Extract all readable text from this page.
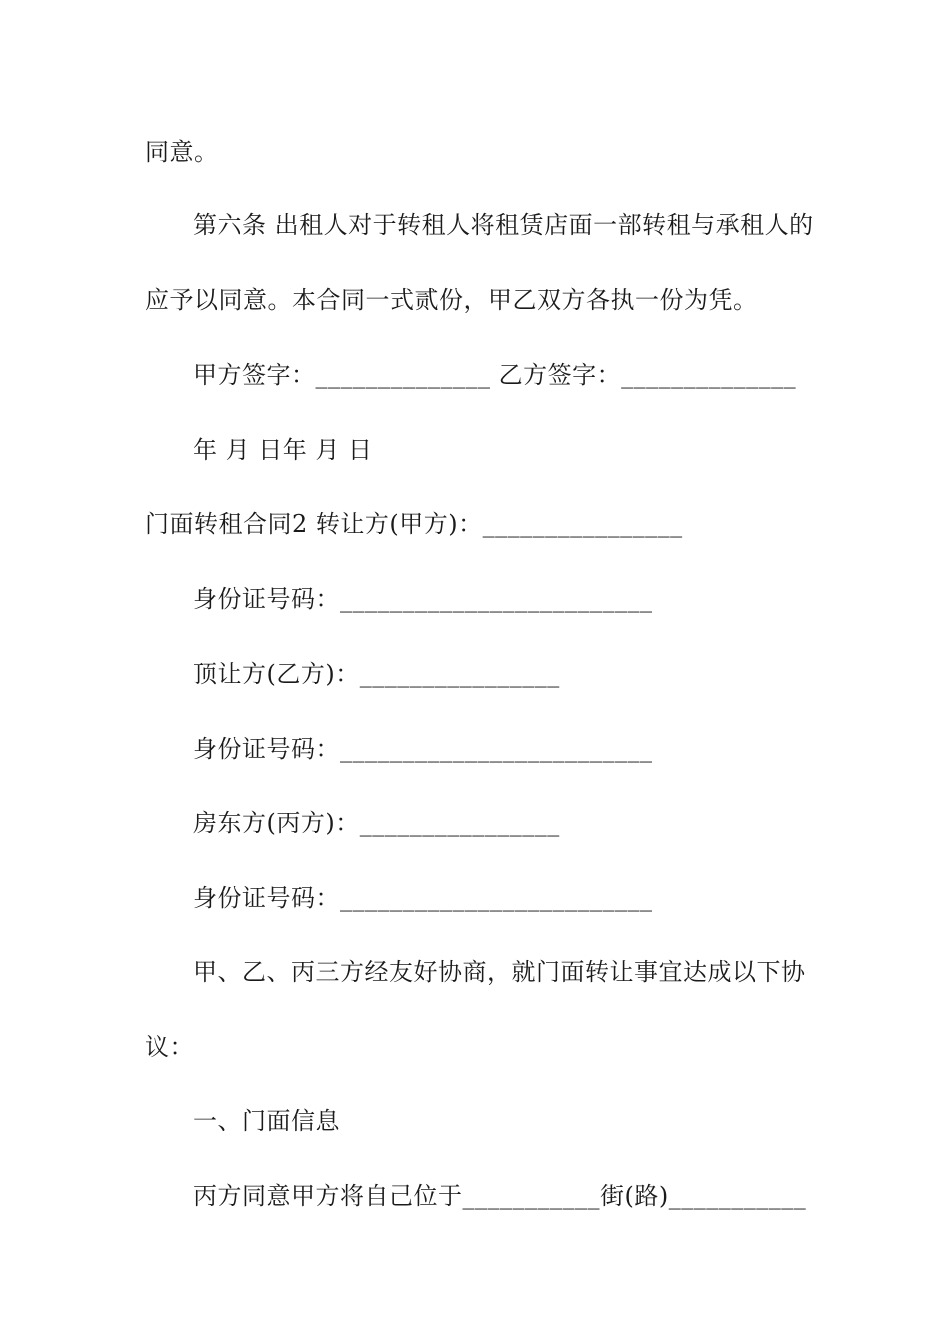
同意。
第六条 出租人对于转租人将租赁店面一部转租与承租人的
应予以同意。本合同一式贰份，甲乙双方各执一份为凭。
甲方签字：______________ 乙方签字：______________
年 月 日年 月 日
门面转租合同2 转让方(甲方)：________________
身份证号码：_________________________
顶让方(乙方)：________________
身份证号码：_________________________
房东方(丙方)：________________
身份证号码：_________________________
甲、乙、丙三方经友好协商，就门面转让事宜达成以下协
议：
一、门面信息
丙方同意甲方将自己位于___________街(路)___________
